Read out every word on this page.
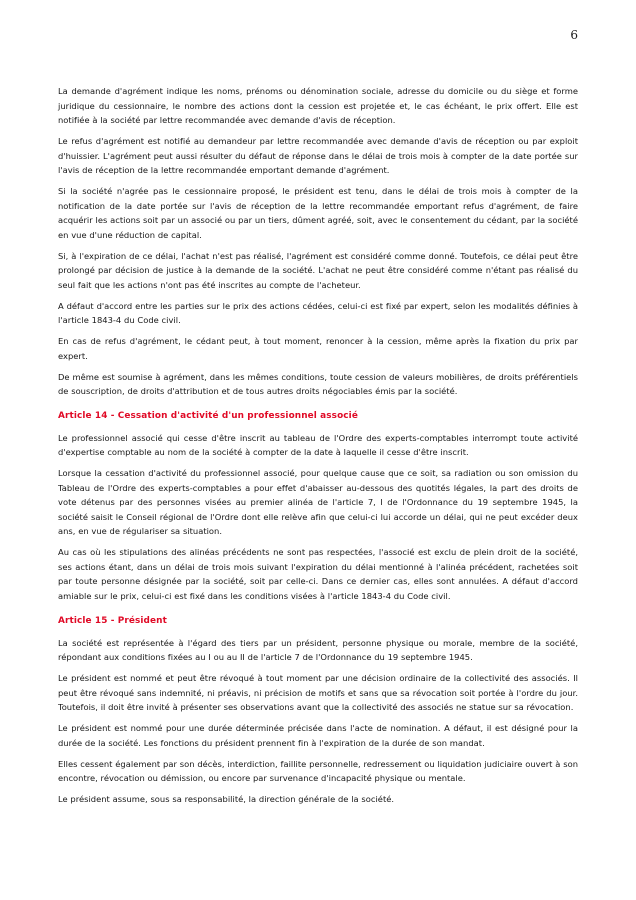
6

La demande d'agrément indique les noms, prénoms ou dénomination sociale, adresse du domicile ou du siège et forme juridique du cessionnaire, le nombre des actions dont la cession est projetée et, le cas échéant, le prix offert. Elle est notifiée à la société par lettre recommandée avec demande d'avis de réception.

Le refus d'agrément est notifié au demandeur par lettre recommandée avec demande d'avis de réception ou par exploit d'huissier. L'agrément peut aussi résulter du défaut de réponse dans le délai de trois mois à compter de la date portée sur l'avis de réception de la lettre recommandée emportant demande d'agrément.

Si la société n'agrée pas le cessionnaire proposé, le président est tenu, dans le délai de trois mois à compter de la notification de la date portée sur l'avis de réception de la lettre recommandée emportant refus d'agrément, de faire acquérir les actions soit par un associé ou par un tiers, dûment agréé, soit, avec le consentement du cédant, par la société en vue d'une réduction de capital.

Si, à l'expiration de ce délai, l'achat n'est pas réalisé, l'agrément est considéré comme donné. Toutefois, ce délai peut être prolongé par décision de justice à la demande de la société. L'achat ne peut être considéré comme n'étant pas réalisé du seul fait que les actions n'ont pas été inscrites au compte de l'acheteur.

A défaut d'accord entre les parties sur le prix des actions cédées, celui-ci est fixé par expert, selon les modalités définies à l'article 1843-4 du Code civil.

En cas de refus d'agrément, le cédant peut, à tout moment, renoncer à la cession, même après la fixation du prix par expert.

De même est soumise à agrément, dans les mêmes conditions, toute cession de valeurs mobilières, de droits préférentiels de souscription, de droits d'attribution et de tous autres droits négociables émis par la société.

Article 14 - Cessation d'activité d'un professionnel associé

Le professionnel associé qui cesse d'être inscrit au tableau de l'Ordre des experts-comptables interrompt toute activité d'expertise comptable au nom de la société à compter de la date à laquelle il cesse d'être inscrit.

Lorsque la cessation d'activité du professionnel associé, pour quelque cause que ce soit, sa radiation ou son omission du Tableau de l'Ordre des experts-comptables a pour effet d'abaisser au-dessous des quotités légales, la part des droits de vote détenus par des personnes visées au premier alinéa de l'article 7, I de l'Ordonnance du 19 septembre 1945, la société saisit le Conseil régional de l'Ordre dont elle relève afin que celui-ci lui accorde un délai, qui ne peut excéder deux ans, en vue de régulariser sa situation.

Au cas où les stipulations des alinéas précédents ne sont pas respectées, l'associé est exclu de plein droit de la société, ses actions étant, dans un délai de trois mois suivant l'expiration du délai mentionné à l'alinéa précédent, rachetées soit par toute personne désignée par la société, soit par celle-ci. Dans ce dernier cas, elles sont annulées. A défaut d'accord amiable sur le prix, celui-ci est fixé dans les conditions visées à l'article 1843-4 du Code civil.

Article 15 - Président

La société est représentée à l'égard des tiers par un président, personne physique ou morale, membre de la société, répondant aux conditions fixées au I ou au II de l'article 7 de l'Ordonnance du 19 septembre 1945.

Le président est nommé et peut être révoqué à tout moment par une décision ordinaire de la collectivité des associés. Il peut être révoqué sans indemnité, ni préavis, ni précision de motifs et sans que sa révocation soit portée à l'ordre du jour. Toutefois, il doit être invité à présenter ses observations avant que la collectivité des associés ne statue sur sa révocation.

Le président est nommé pour une durée déterminée précisée dans l'acte de nomination. A défaut, il est désigné pour la durée de la société. Les fonctions du président prennent fin à l'expiration de la durée de son mandat.

Elles cessent également par son décès, interdiction, faillite personnelle, redressement ou liquidation judiciaire ouvert à son encontre, révocation ou démission, ou encore par survenance d'incapacité physique ou mentale.

Le président assume, sous sa responsabilité, la direction générale de la société.
